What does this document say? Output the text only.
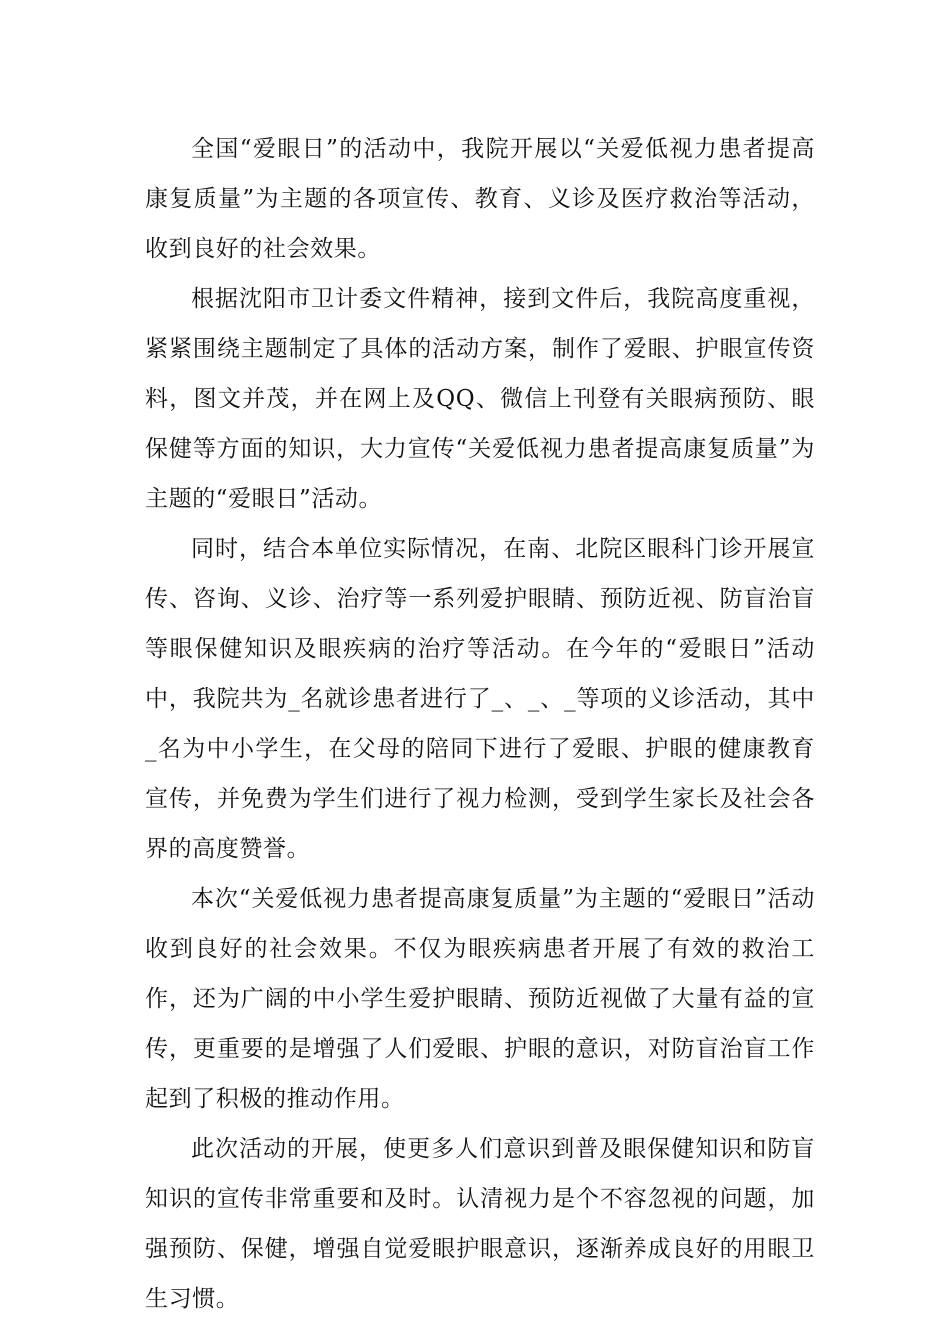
全国“爱眼日”的活动中，我院开展以“关爱低视力患者提高康复质量”为主题的各项宣传、教育、义诊及医疗救治等活动，收到良好的社会效果。

根据沈阳市卫计委文件精神，接到文件后，我院高度重视，紧紧围绕主题制定了具体的活动方案，制作了爱眼、护眼宣传资料，图文并茂，并在网上及QQ、微信上刊登有关眼病预防、眼保健等方面的知识，大力宣传“关爱低视力患者提高康复质量”为主题的“爱眼日”活动。

同时，结合本单位实际情况，在南、北院区眼科门诊开展宣传、咨询、义诊、治疗等一系列爱护眼睛、预防近视、防盲治盲等眼保健知识及眼疾病的治疗等活动。在今年的“爱眼日”活动中，我院共为_名就诊患者进行了_、_、_等项的义诊活动，其中_名为中小学生，在父母的陪同下进行了爱眼、护眼的健康教育宣传，并免费为学生们进行了视力检测，受到学生家长及社会各界的高度赞誉。

本次“关爱低视力患者提高康复质量”为主题的“爱眼日”活动收到良好的社会效果。不仅为眼疾病患者开展了有效的救治工作，还为广阔的中小学生爱护眼睛、预防近视做了大量有益的宣传，更重要的是增强了人们爱眼、护眼的意识，对防盲治盲工作起到了积极的推动作用。

此次活动的开展，使更多人们意识到普及眼保健知识和防盲知识的宣传非常重要和及时。认清视力是个不容忽视的问题，加强预防、保健，增强自觉爱眼护眼意识，逐渐养成良好的用眼卫生习惯。
